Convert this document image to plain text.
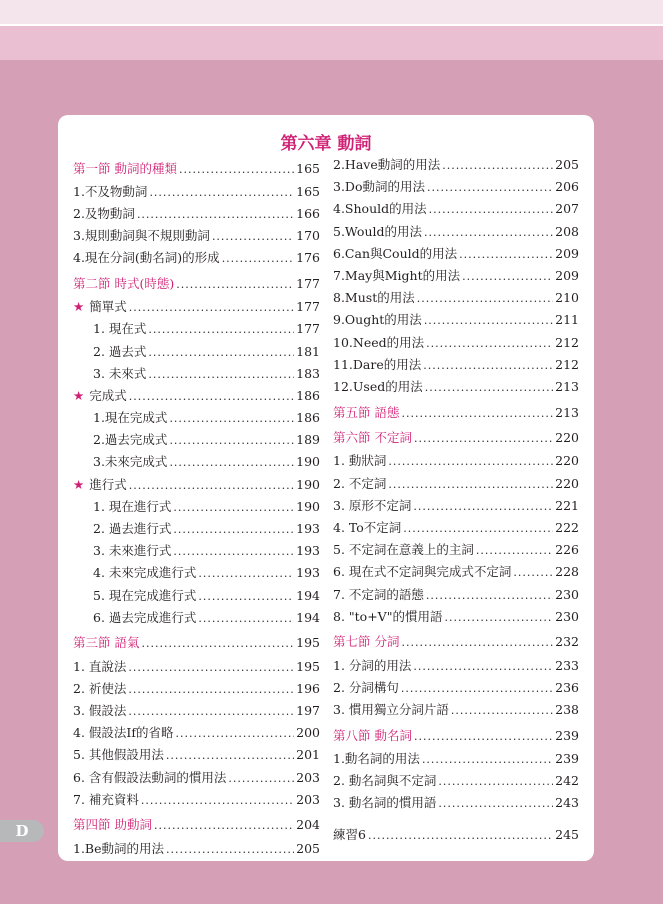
第六章 動詞
第一節 動詞的種類 .....	165
1.不及物動詞 .....	165
2.及物動詞 .....	166
3.規則動詞與不規則動詞 .....	170
4.現在分詞(動名詞)的形成 .....	176
第二節 時式(時態) .....	177
★ 簡單式 .....	177
1. 現在式 .....	177
2. 過去式 .....	181
3. 未來式 .....	183
★ 完成式 .....	186
1.現在完成式 .....	186
2.過去完成式 .....	189
3.未來完成式 .....	190
★ 進行式 .....	190
1. 現在進行式 .....	190
2. 過去進行式 .....	193
3. 未來進行式 .....	193
4. 未來完成進行式 .....	193
5. 現在完成進行式 .....	194
6. 過去完成進行式 .....	194
第三節 語氣 .....	195
1. 直說法 .....	195
2. 祈使法 .....	196
3. 假設法 .....	197
4. 假設法If的省略 .....	200
5. 其他假設用法 .....	201
6. 含有假設法動詞的慣用法 .....	203
7. 補充資料 .....	203
第四節 助動詞 .....	204
1.Be動詞的用法 .....	205
2.Have動詞的用法 .....	205
3.Do動詞的用法 .....	206
4.Should的用法 .....	207
5.Would的用法 .....	208
6.Can與Could的用法 .....	209
7.May與Might的用法 .....	209
8.Must的用法 .....	210
9.Ought的用法 .....	211
10.Need的用法 .....	212
11.Dare的用法 .....	212
12.Used的用法 .....	213
第五節 語態 .....	213
第六節 不定詞 .....	220
1. 動狀詞 .....	220
2. 不定詞 .....	220
3. 原形不定詞 .....	221
4. To不定詞 .....	222
5. 不定詞在意義上的主詞 .....	226
6. 現在式不定詞與完成式不定詞 .....	228
7. 不定詞的語態 .....	230
8. "to+V"的慣用語 .....	230
第七節 分詞 .....	232
1. 分詞的用法 .....	233
2. 分詞構句 .....	236
3. 慣用獨立分詞片語 .....	238
第八節 動名詞 .....	239
1.動名詞的用法 .....	239
2. 動名詞與不定詞 .....	242
3. 動名詞的慣用語 .....	243
練習6 .....	245
D
